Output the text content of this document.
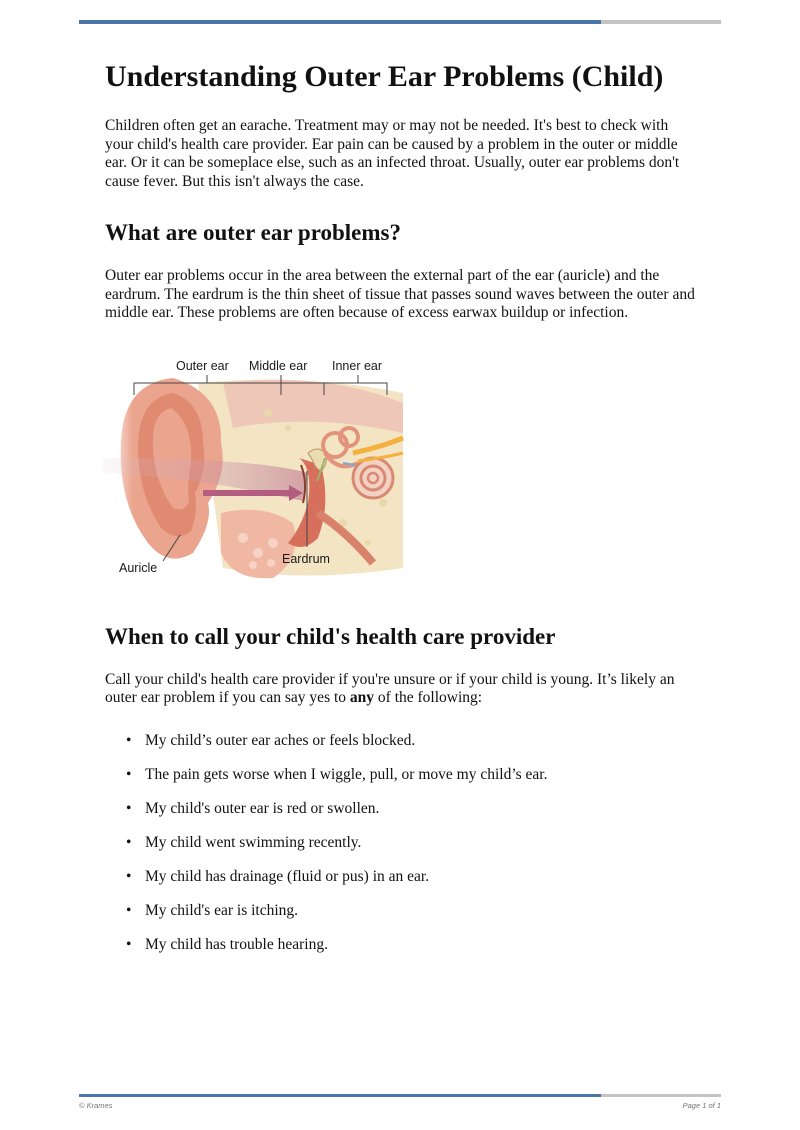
Understanding Outer Ear Problems (Child)

Children often get an earache. Treatment may or may not be needed. It's best to check with your child's health care provider. Ear pain can be caused by a problem in the outer or middle ear. Or it can be someplace else, such as an infected throat. Usually, outer ear problems don't cause fever. But this isn't always the case.

What are outer ear problems?

Outer ear problems occur in the area between the external part of the ear (auricle) and the eardrum. The eardrum is the thin sheet of tissue that passes sound waves between the outer and middle ear. These problems are often because of excess earwax buildup or infection.

Outer ear Middle ear Inner ear
Eardrum
Auricle
When to call your child's health care provider

Call your child's health care provider if you're unsure or if your child is young. It’s likely an outer ear problem if you can say yes to any of the following:

• My child’s outer ear aches or feels blocked.
• The pain gets worse when I wiggle, pull, or move my child’s ear.
• My child's outer ear is red or swollen.
• My child went swimming recently.
• My child has drainage (fluid or pus) in an ear.
• My child's ear is itching.
• My child has trouble hearing.
© Krames	Page 1 of 1
